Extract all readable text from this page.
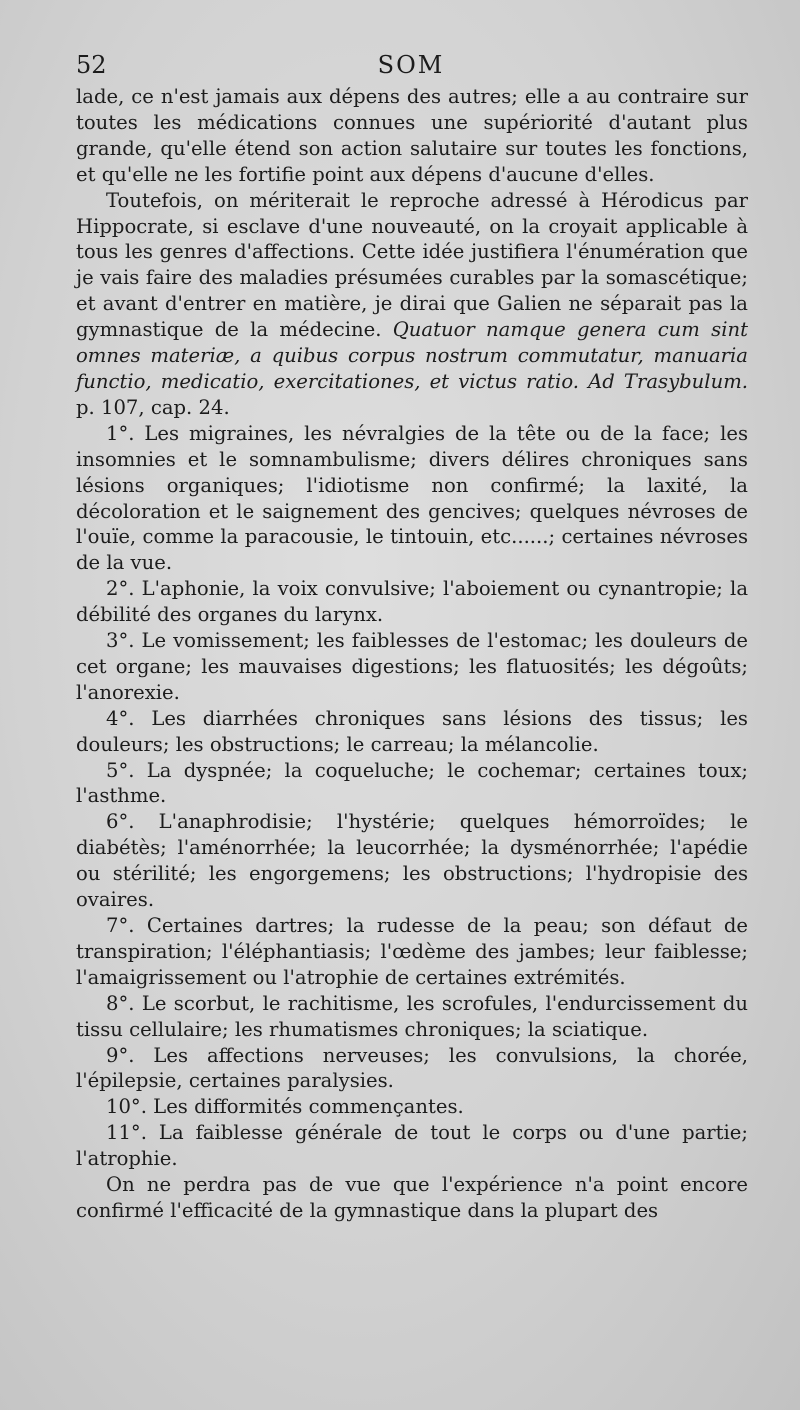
52	SOM

lade, ce n'est jamais aux dépens des autres; elle a au contraire sur toutes les médications connues une supériorité d'autant plus grande, qu'elle étend son action salutaire sur toutes les fonctions, et qu'elle ne les fortifie point aux dépens d'aucune d'elles.

Toutefois, on mériterait le reproche adressé à Hérodicus par Hippocrate, si esclave d'une nouveauté, on la croyait applicable à tous les genres d'affections. Cette idée justifiera l'énumération que je vais faire des maladies présumées curables par la somascétique; et avant d'entrer en matière, je dirai que Galien ne séparait pas la gymnastique de la médecine. Quatuor namque genera cum sint omnes materiæ, a quibus corpus nostrum commutatur, manuaria functio, medicatio, exercitationes, et victus ratio. Ad Trasybulum. p. 107, cap. 24.

1°. Les migraines, les névralgies de la tête ou de la face; les insomnies et le somnambulisme; divers délires chroniques sans lésions organiques; l'idiotisme non confirmé; la laxité, la décoloration et le saignement des gencives; quelques névroses de l'ouïe, comme la paracousie, le tintouin, etc......; certaines névroses de la vue.

2°. L'aphonie, la voix convulsive; l'aboiement ou cynantropie; la débilité des organes du larynx.

3°. Le vomissement; les faiblesses de l'estomac; les douleurs de cet organe; les mauvaises digestions; les flatuosités; les dégoûts; l'anorexie.

4°. Les diarrhées chroniques sans lésions des tissus; les douleurs; les obstructions; le carreau; la mélancolie.

5°. La dyspnée; la coqueluche; le cochemar; certaines toux; l'asthme.

6°. L'anaphrodisie; l'hystérie; quelques hémorroïdes; le diabétès; l'aménorrhée; la leucorrhée; la dysménorrhée; l'apédie ou stérilité; les engorgemens; les obstructions; l'hydropisie des ovaires.

7°. Certaines dartres; la rudesse de la peau; son défaut de transpiration; l'éléphantiasis; l'œdème des jambes; leur faiblesse; l'amaigrissement ou l'atrophie de certaines extrémités.

8°. Le scorbut, le rachitisme, les scrofules, l'endurcissement du tissu cellulaire; les rhumatismes chroniques; la sciatique.

9°. Les affections nerveuses; les convulsions, la chorée, l'épilepsie, certaines paralysies.

10°. Les difformités commençantes.

11°. La faiblesse générale de tout le corps ou d'une partie; l'atrophie.

On ne perdra pas de vue que l'expérience n'a point encore confirmé l'efficacité de la gymnastique dans la plupart des
